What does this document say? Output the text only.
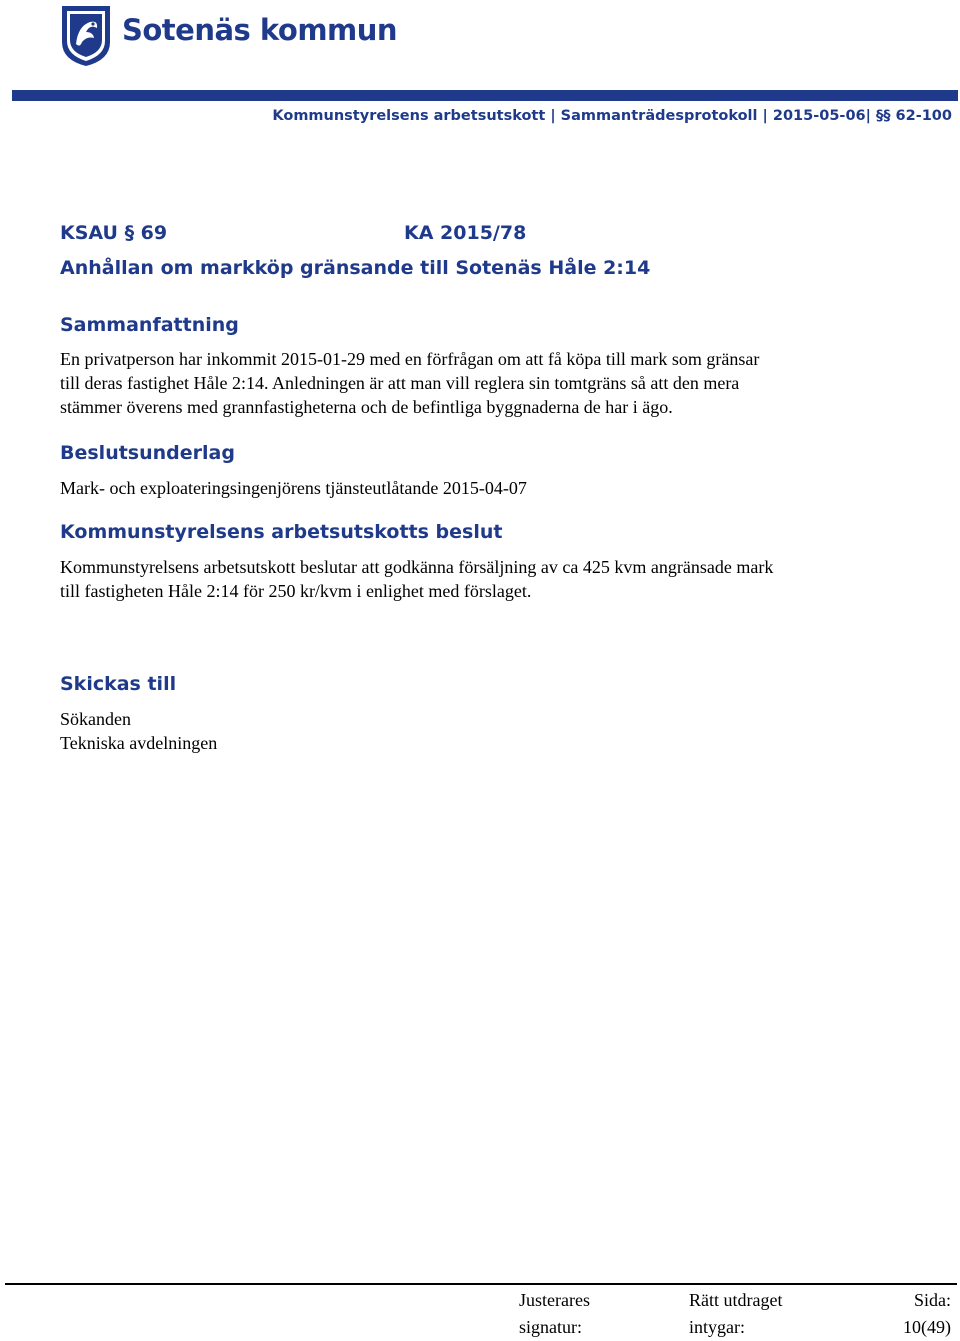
Sotenäs kommun
Kommunstyrelsens arbetsutskott | Sammanträdesprotokoll | 2015-05-06| §§ 62-100
KSAU § 69	KA 2015/78
Anhållan om markköp gränsande till Sotenäs Håle 2:14
Sammanfattning
En privatperson har inkommit 2015-01-29 med en förfrågan om att få köpa till mark som gränsar
till deras fastighet Håle 2:14. Anledningen är att man vill reglera sin tomtgräns så att den mera
stämmer överens med grannfastigheterna och de befintliga byggnaderna de har i ägo.
Beslutsunderlag
Mark- och exploateringsingenjörens tjänsteutlåtande 2015-04-07
Kommunstyrelsens arbetsutskotts beslut
Kommunstyrelsens arbetsutskott beslutar att godkänna försäljning av ca 425 kvm angränsade mark
till fastigheten Håle 2:14 för 250 kr/kvm i enlighet med förslaget.
Skickas till
Sökanden
Tekniska avdelningen
Justerares
signatur:
Rätt utdraget
intygar:
Sida:
10(49)
